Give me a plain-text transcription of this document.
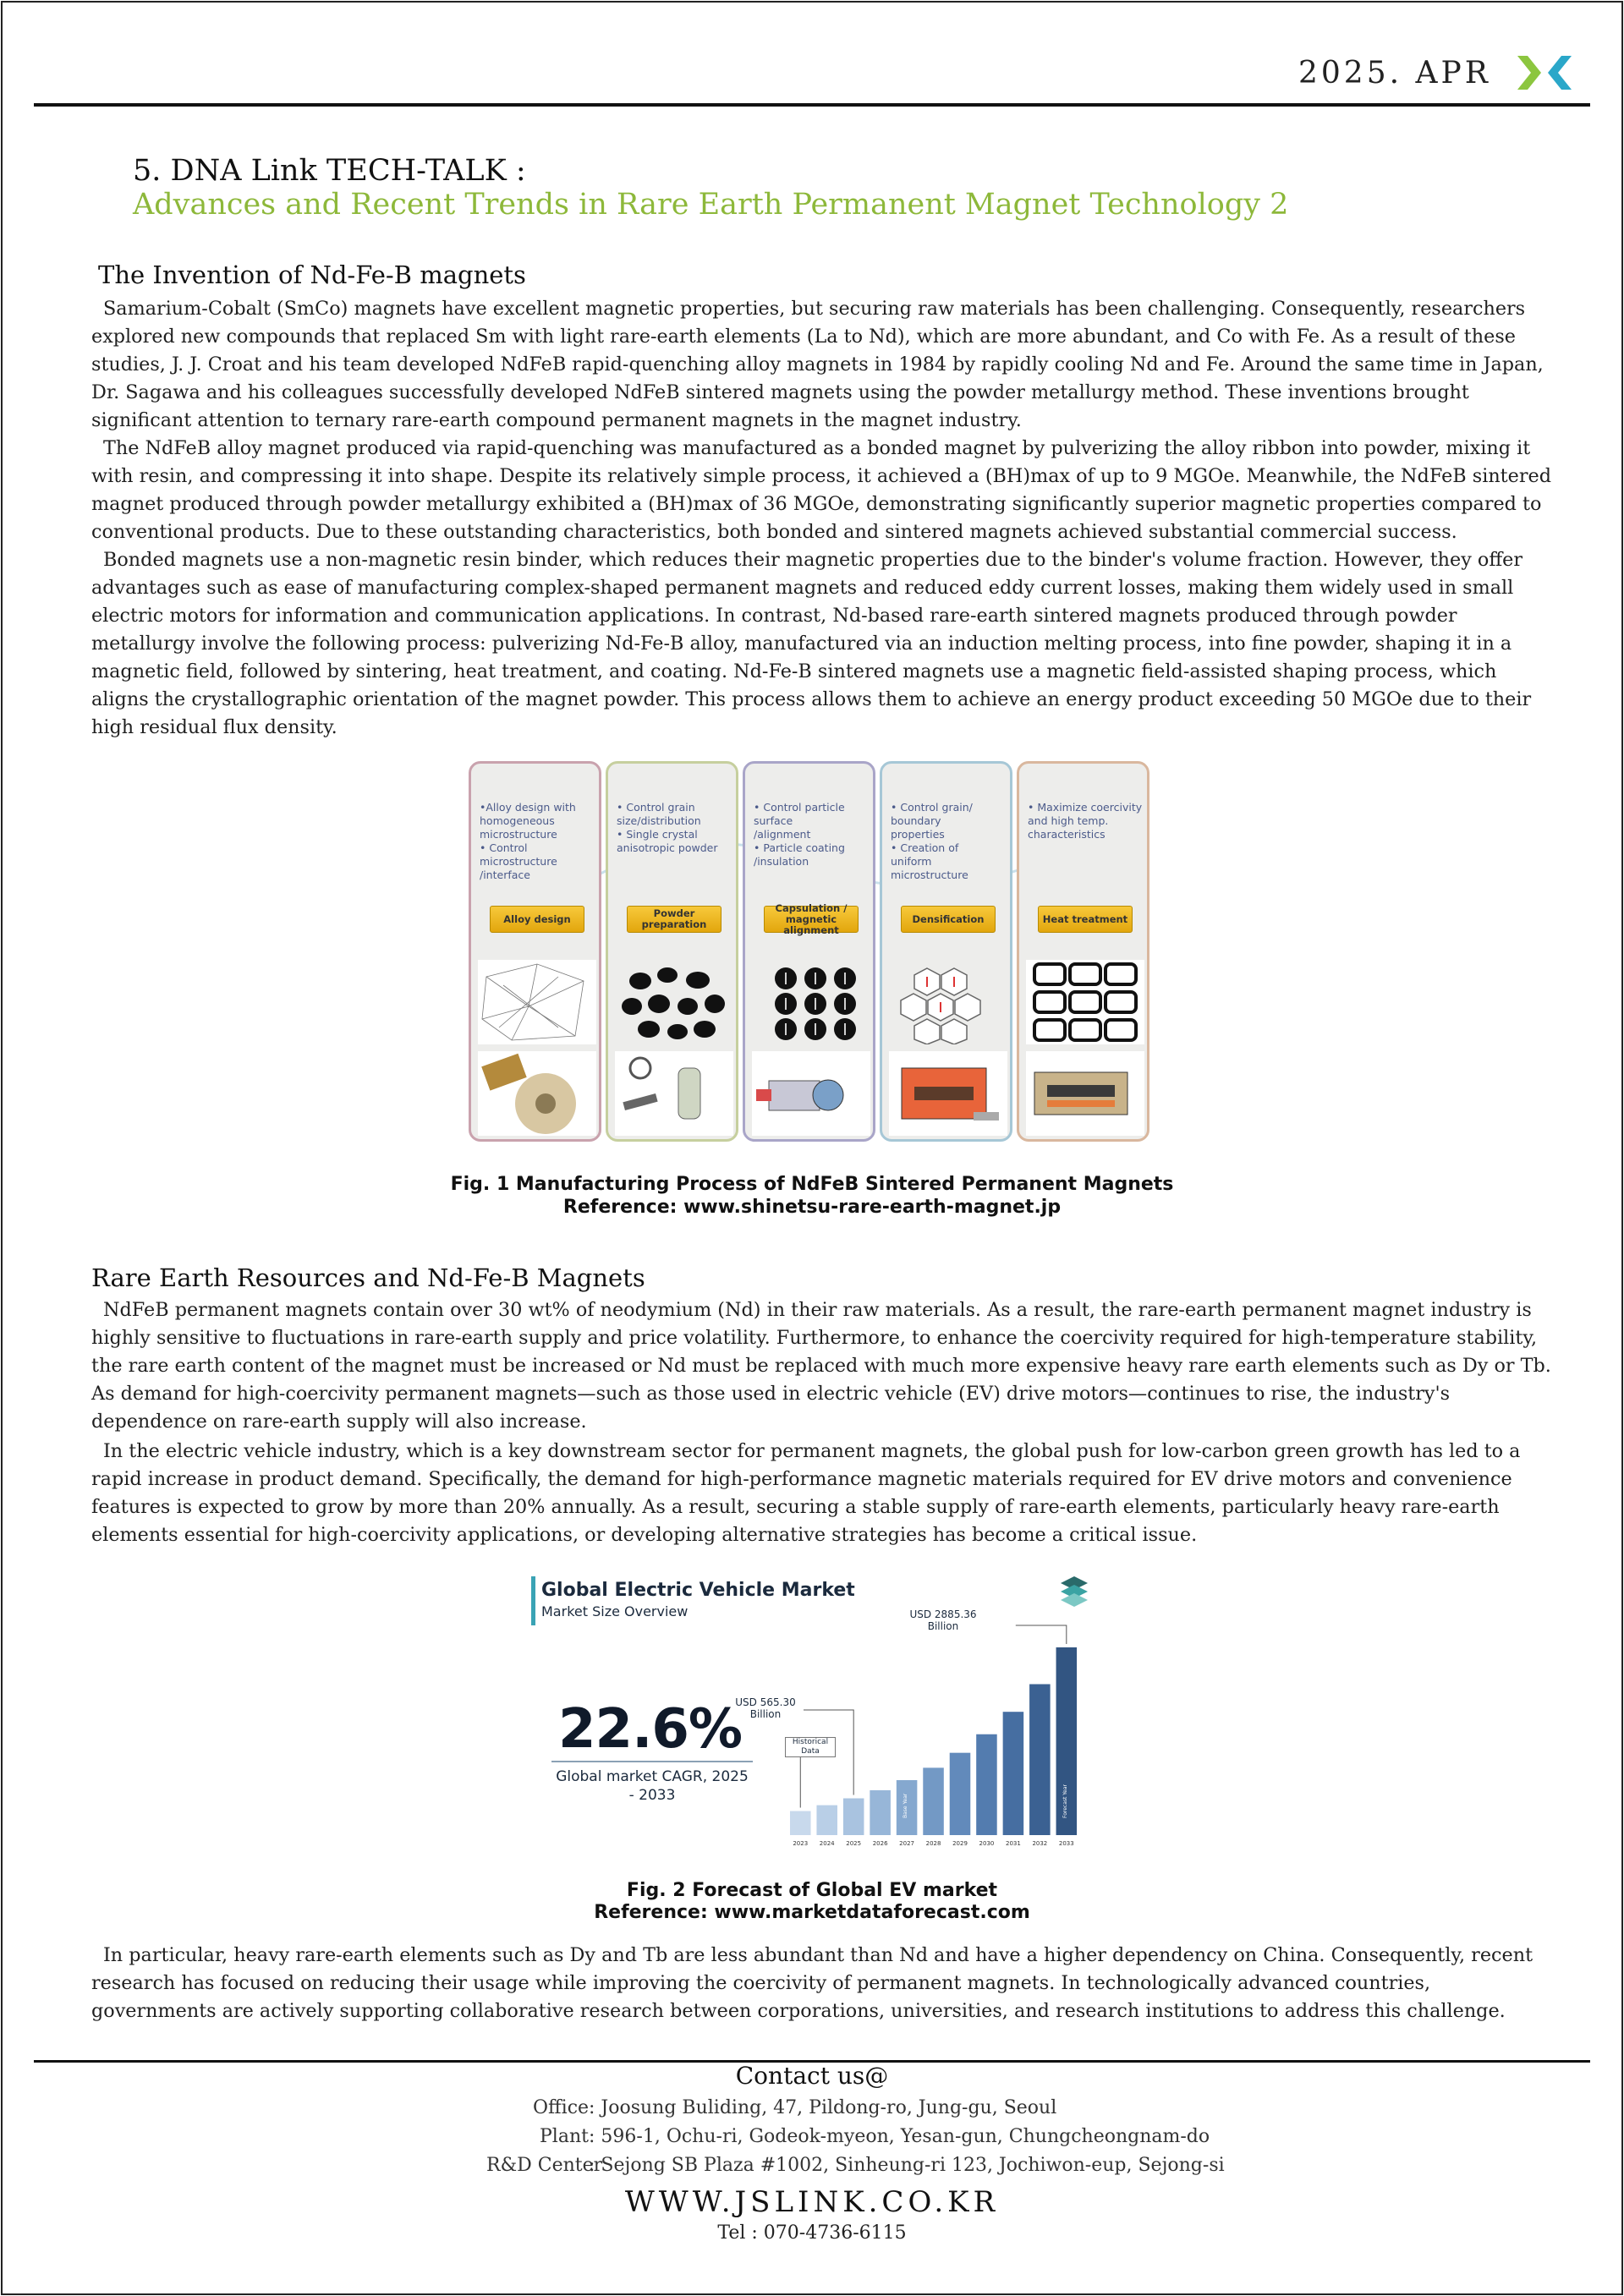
2025. APR
5. DNA Link TECH-TALK :
Advances and Recent Trends in Rare Earth Permanent Magnet Technology 2
The Invention of Nd-Fe-B magnets

Samarium-Cobalt (SmCo) magnets have excellent magnetic properties, but securing raw materials has been challenging. Consequently, researchers explored new compounds that replaced Sm with light rare-earth elements (La to Nd), which are more abundant, and Co with Fe. As a result of these studies, J. J. Croat and his team developed NdFeB rapid-quenching alloy magnets in 1984 by rapidly cooling Nd and Fe. Around the same time in Japan, Dr. Sagawa and his colleagues successfully developed NdFeB sintered magnets using the powder metallurgy method. These inventions brought significant attention to ternary rare-earth compound permanent magnets in the magnet industry.

The NdFeB alloy magnet produced via rapid-quenching was manufactured as a bonded magnet by pulverizing the alloy ribbon into powder, mixing it with resin, and compressing it into shape. Despite its relatively simple process, it achieved a (BH)max of up to 9 MGOe. Meanwhile, the NdFeB sintered magnet produced through powder metallurgy exhibited a (BH)max of 36 MGOe, demonstrating significantly superior magnetic properties compared to conventional products. Due to these outstanding characteristics, both bonded and sintered magnets achieved substantial commercial success.

Bonded magnets use a non-magnetic resin binder, which reduces their magnetic properties due to the binder's volume fraction. However, they offer advantages such as ease of manufacturing complex-shaped permanent magnets and reduced eddy current losses, making them widely used in small electric motors for information and communication applications. In contrast, Nd-based rare-earth sintered magnets produced through powder metallurgy involve the following process: pulverizing Nd-Fe-B alloy, manufactured via an induction melting process, into fine powder, shaping it in a magnetic field, followed by sintering, heat treatment, and coating. Nd-Fe-B sintered magnets use a magnetic field-assisted shaping process, which aligns the crystallographic orientation of the magnet powder. This process allows them to achieve an energy product exceeding 50 MGOe due to their high residual flux density.

•Alloy design with
homogeneous
microstructure
• Control
microstructure
/interface
Alloy design
• Control grain
size/distribution
• Single crystal
anisotropic powder
Powder preparation
• Control particle
surface
/alignment
• Particle coating
/insulation
Capsulation / magnetic alignment
• Control grain/
boundary
properties
• Creation of
uniform
microstructure
Densification
• Maximize coercivity
and high temp.
characteristics
Heat treatment
Fig. 1 Manufacturing Process of NdFeB Sintered Permanent Magnets
Reference: www.shinetsu-rare-earth-magnet.jp
Rare Earth Resources and Nd-Fe-B Magnets

NdFeB permanent magnets contain over 30 wt% of neodymium (Nd) in their raw materials. As a result, the rare-earth permanent magnet industry is highly sensitive to fluctuations in rare-earth supply and price volatility. Furthermore, to enhance the coercivity required for high-temperature stability, the rare earth content of the magnet must be increased or Nd must be replaced with much more expensive heavy rare earth elements such as Dy or Tb. As demand for high-coercivity permanent magnets—such as those used in electric vehicle (EV) drive motors—continues to rise, the industry's dependence on rare-earth supply will also increase.

In the electric vehicle industry, which is a key downstream sector for permanent magnets, the global push for low-carbon green growth has led to a rapid increase in product demand. Specifically, the demand for high-performance magnetic materials required for EV drive motors and convenience features is expected to grow by more than 20% annually. As a result, securing a stable supply of rare-earth elements, particularly heavy rare-earth elements essential for high-coercivity applications, or developing alternative strategies has become a critical issue.

Global Electric Vehicle Market
Market Size Overview
22.6%
Global market CAGR, 2025 - 2033
USD 565.30 Billion
USD 2885.36 Billion
Historical Data
2023 2024 2025 2026 2027
Base Year
2028 2029 2030 2031 2032 2033
Forecast Year
Fig. 2 Forecast of Global EV market
Reference: www.marketdataforecast.com

In particular, heavy rare-earth elements such as Dy and Tb are less abundant than Nd and have a higher dependency on China. Consequently, recent research has focused on reducing their usage while improving the coercivity of permanent magnets. In technologically advanced countries, governments are actively supporting collaborative research between corporations, universities, and research institutions to address this challenge.

Contact us@
Office : Joosung Buliding, 47, Pildong-ro, Jung-gu, Seoul
Plant : 596-1, Ochu-ri, Godeok-myeon, Yesan-gun, Chungcheongnam-do
R&D Center
: Sejong SB Plaza #1002, Sinheung-ri 123, Jochiwon-eup, Sejong-si
WWW.JSLINK.CO.KR
Tel : 070-4736-6115
